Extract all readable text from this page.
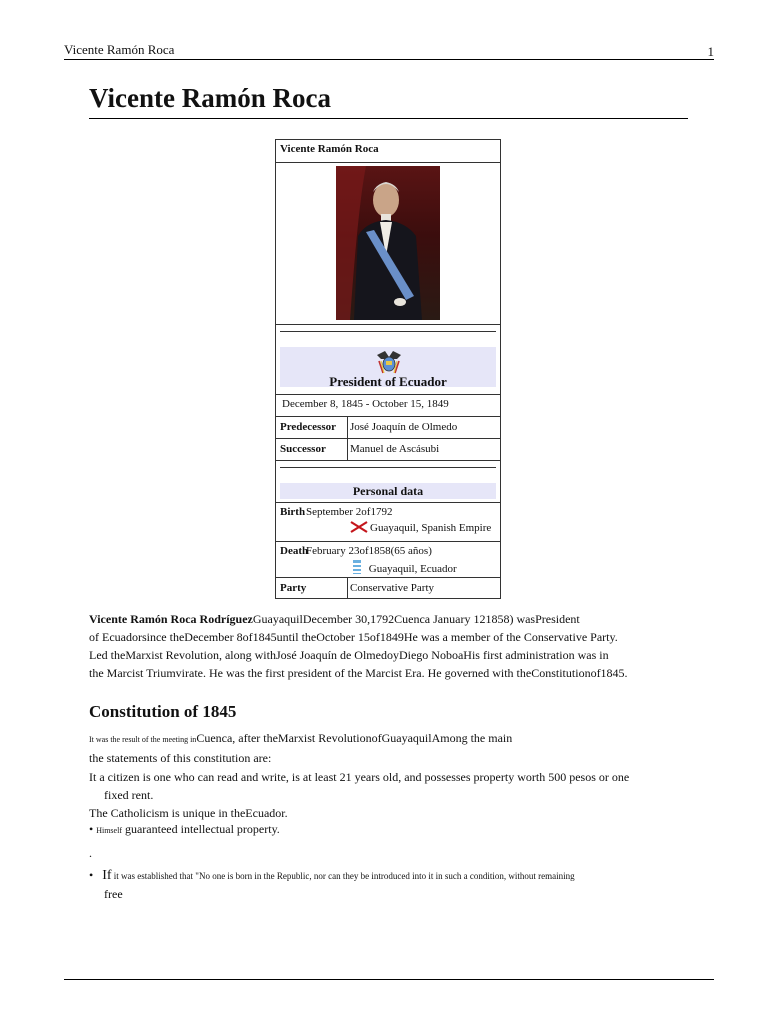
Vicente Ramón Roca	1
Vicente Ramón Roca
Vicente Ramón Roca
President of Ecuador
December 8, 1845 - October 15, 1849
Predecessor José Joaquín de Olmedo
Successor Manuel de Ascásubi
Personal data
Birth September 2of1792
Guayaquil, Spanish Empire
Death
February 23of1858(65 años)
Guayaquil, Ecuador
Party	Conservative Party
Vicente Ramón Roca RodríguezGuayaquilDecember 30,1792Cuenca January 121858) wasPresident
of Ecuadorsince theDecember 8of1845until theOctober 15of1849He was a member of the Conservative Party.
Led theMarxist Revolution, along withJosé Joaquín de OlmedoyDiego NoboaHis first administration was in
the Marcist Triumvirate. He was the first president of the Marcist Era. He governed with theConstitutionof1845.
Constitution of 1845
It was the result of the meeting inCuenca, after theMarxist RevolutionofGuayaquilAmong the main
the statements of this constitution are:
It a citizen is one who can read and write, is at least 21 years old, and possesses property worth 500 pesos or one
fixed rent.
The Catholicism is unique in theEcuador.
• Himself guaranteed intellectual property.
.
• If it was established that "No one is born in the Republic, nor can they be introduced into it in such a condition, without remaining
free
